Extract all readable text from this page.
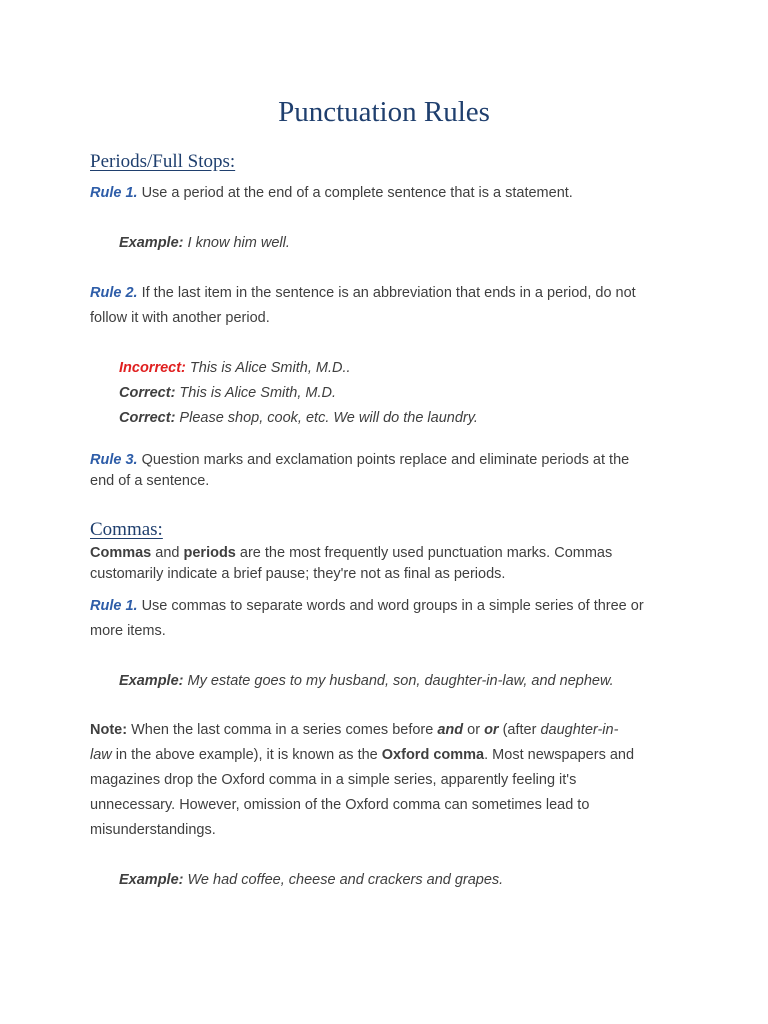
Punctuation Rules
Periods/Full Stops:

Rule 1. Use a period at the end of a complete sentence that is a statement.

Example: I know him well.

Rule 2. If the last item in the sentence is an abbreviation that ends in a period, do not
follow it with another period.

Incorrect: This is Alice Smith, M.D..

Correct: This is Alice Smith, M.D.

Correct: Please shop, cook, etc. We will do the laundry.

Rule 3. Question marks and exclamation points replace and eliminate periods at the
end of a sentence.

Commas:

Commas and periods are the most frequently used punctuation marks. Commas
customarily indicate a brief pause; they're not as final as periods.

Rule 1. Use commas to separate words and word groups in a simple series of three or
more items.

Example: My estate goes to my husband, son, daughter-in-law, and nephew.

Note: When the last comma in a series comes before and or or (after daughter-in-
law in the above example), it is known as the Oxford comma. Most newspapers and
magazines drop the Oxford comma in a simple series, apparently feeling it's
unnecessary. However, omission of the Oxford comma can sometimes lead to
misunderstandings.

Example: We had coffee, cheese and crackers and grapes.
